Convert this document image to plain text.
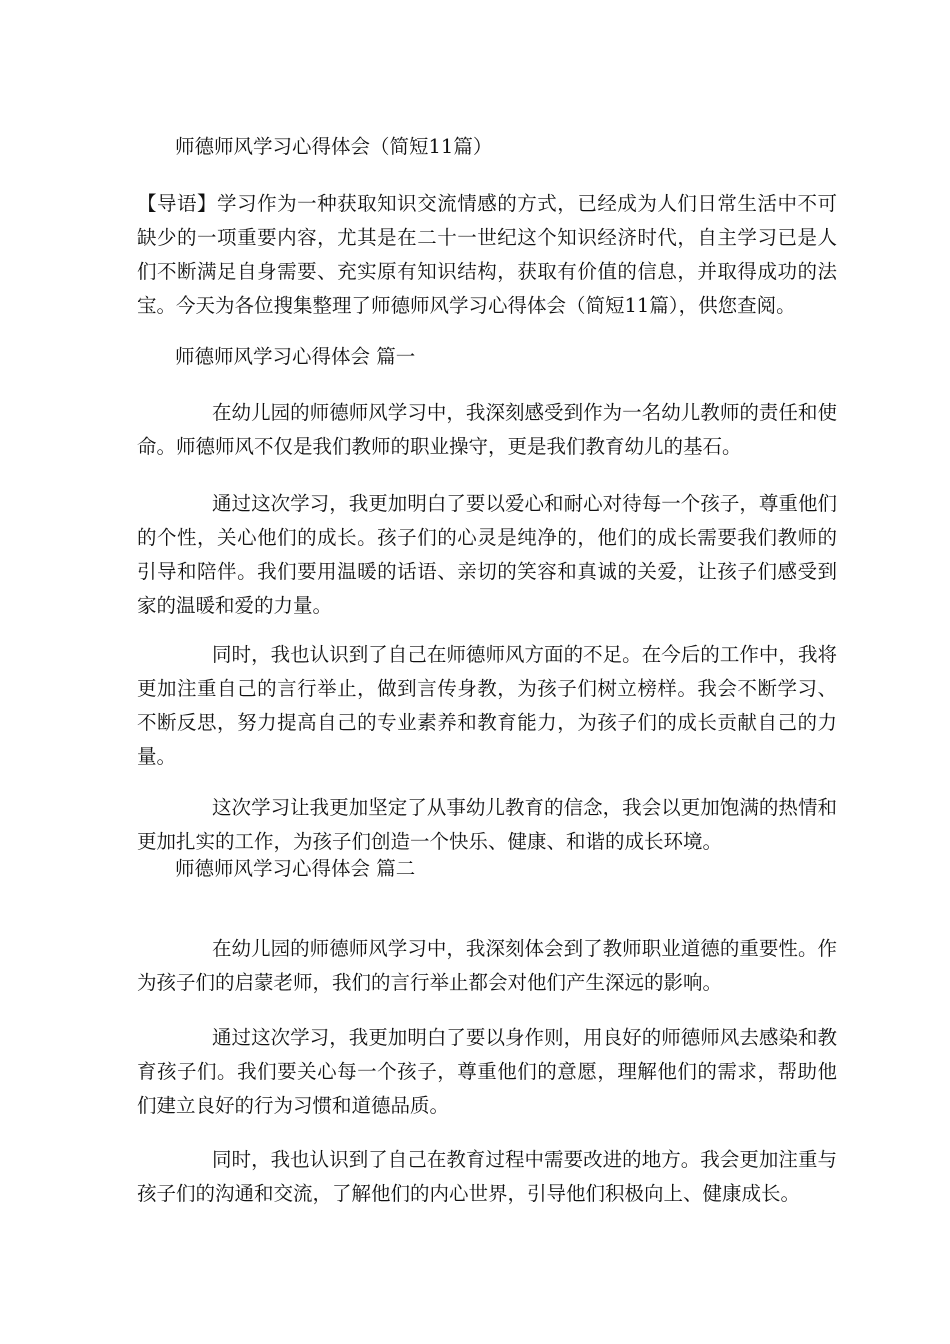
师德师风学习心得体会（简短11篇）

【导语】学习作为一种获取知识交流情感的方式，已经成为人们日常生活中不可缺少的一项重要内容，尤其是在二十一世纪这个知识经济时代，自主学习已是人们不断满足自身需要、充实原有知识结构，获取有价值的信息，并取得成功的法宝。今天为各位搜集整理了师德师风学习心得体会（简短11篇），供您查阅。

师德师风学习心得体会 篇一

在幼儿园的师德师风学习中，我深刻感受到作为一名幼儿教师的责任和使命。师德师风不仅是我们教师的职业操守，更是我们教育幼儿的基石。

通过这次学习，我更加明白了要以爱心和耐心对待每一个孩子，尊重他们的个性，关心他们的成长。孩子们的心灵是纯净的，他们的成长需要我们教师的引导和陪伴。我们要用温暖的话语、亲切的笑容和真诚的关爱，让孩子们感受到家的温暖和爱的力量。

同时，我也认识到了自己在师德师风方面的不足。在今后的工作中，我将更加注重自己的言行举止，做到言传身教，为孩子们树立榜样。我会不断学习、不断反思，努力提高自己的专业素养和教育能力，为孩子们的成长贡献自己的力量。

这次学习让我更加坚定了从事幼儿教育的信念，我会以更加饱满的热情和更加扎实的工作，为孩子们创造一个快乐、健康、和谐的成长环境。

师德师风学习心得体会 篇二

在幼儿园的师德师风学习中，我深刻体会到了教师职业道德的重要性。作为孩子们的启蒙老师，我们的言行举止都会对他们产生深远的影响。

通过这次学习，我更加明白了要以身作则，用良好的师德师风去感染和教育孩子们。我们要关心每一个孩子，尊重他们的意愿，理解他们的需求，帮助他们建立良好的行为习惯和道德品质。

同时，我也认识到了自己在教育过程中需要改进的地方。我会更加注重与孩子们的沟通和交流，了解他们的内心世界，引导他们积极向上、健康成长。
